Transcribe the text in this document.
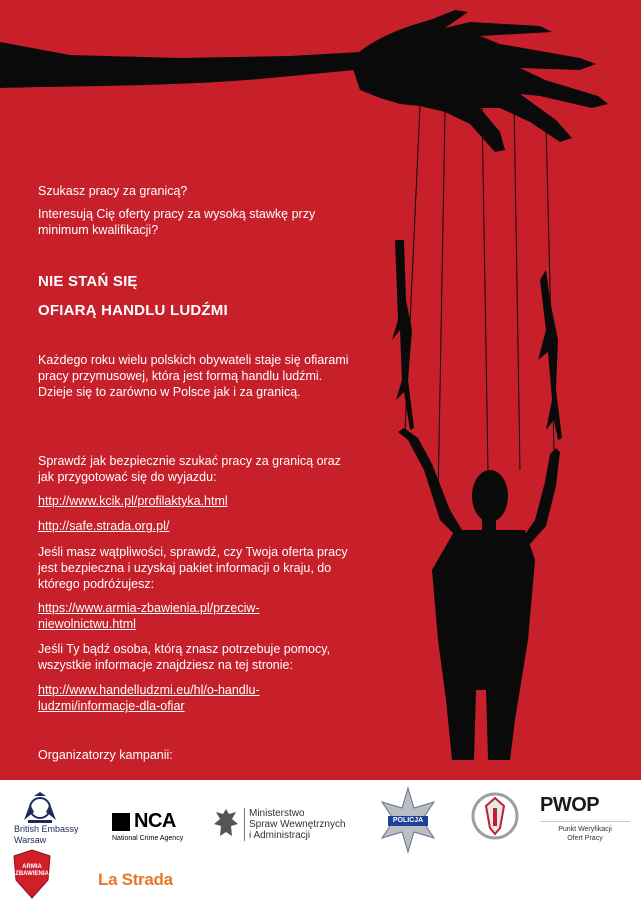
Szukasz pracy za granicą?
Interesują Cię oferty pracy za wysoką stawkę przy minimum kwalifikacji?
NIE STAŃ SIĘ
OFIARĄ HANDLU LUDŹMI
Każdego roku wielu polskich obywateli staje się ofiarami pracy przymusowej, która jest formą handlu ludźmi. Dzieje się to zarówno w Polsce jak i za granicą.
Sprawdź jak bezpiecznie szukać pracy za granicą oraz jak przygotować się do wyjazdu:
http://www.kcik.pl/profilaktyka.html
http://safe.strada.org.pl/
Jeśli masz wątpliwości, sprawdź, czy Twoja oferta pracy jest bezpieczna i uzyskaj pakiet informacji o kraju, do którego podróżujesz:
https://www.armia-zbawienia.pl/przeciw-niewolnictwu.html
Jeśli Ty bądź osoba, którą znasz potrzebuje pomocy, wszystkie informacje znajdziesz na tej stronie:
http://www.handelludzmi.eu/hl/o-handlu-ludzmi/informacje-dla-ofiar
Organizatorzy kampanii:
British Embassy
Warsaw
NCA
National Crime Agency
Ministerstwo
Spraw Wewnętrznych
i Administracji
POLICJA
PWOP
Punkt Weryfikacji
Ofert Pracy
ARMIA
ZBAWIENIA	La Strada
